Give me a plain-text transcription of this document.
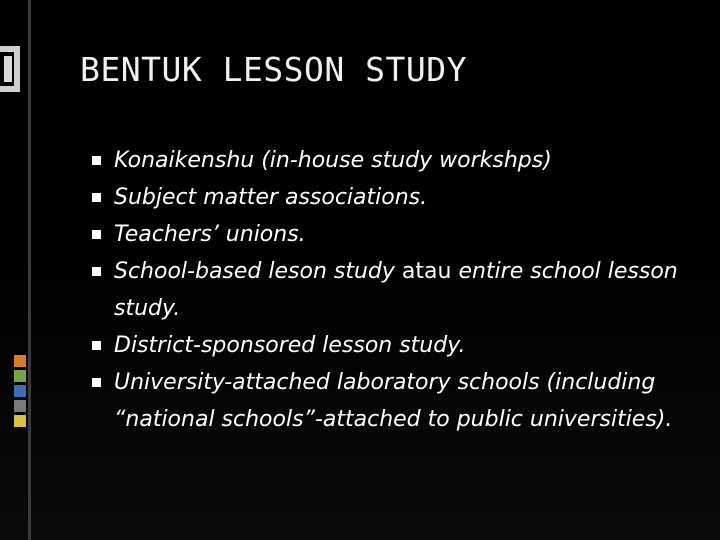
BENTUK LESSON STUDY
Konaikenshu (in-house study workshps)
Subject matter associations.
Teachers’ unions.
School-based leson study atau entire school lesson study.
District-sponsored lesson study.
University-attached laboratory schools (including “national schools”-attached to public universities).
